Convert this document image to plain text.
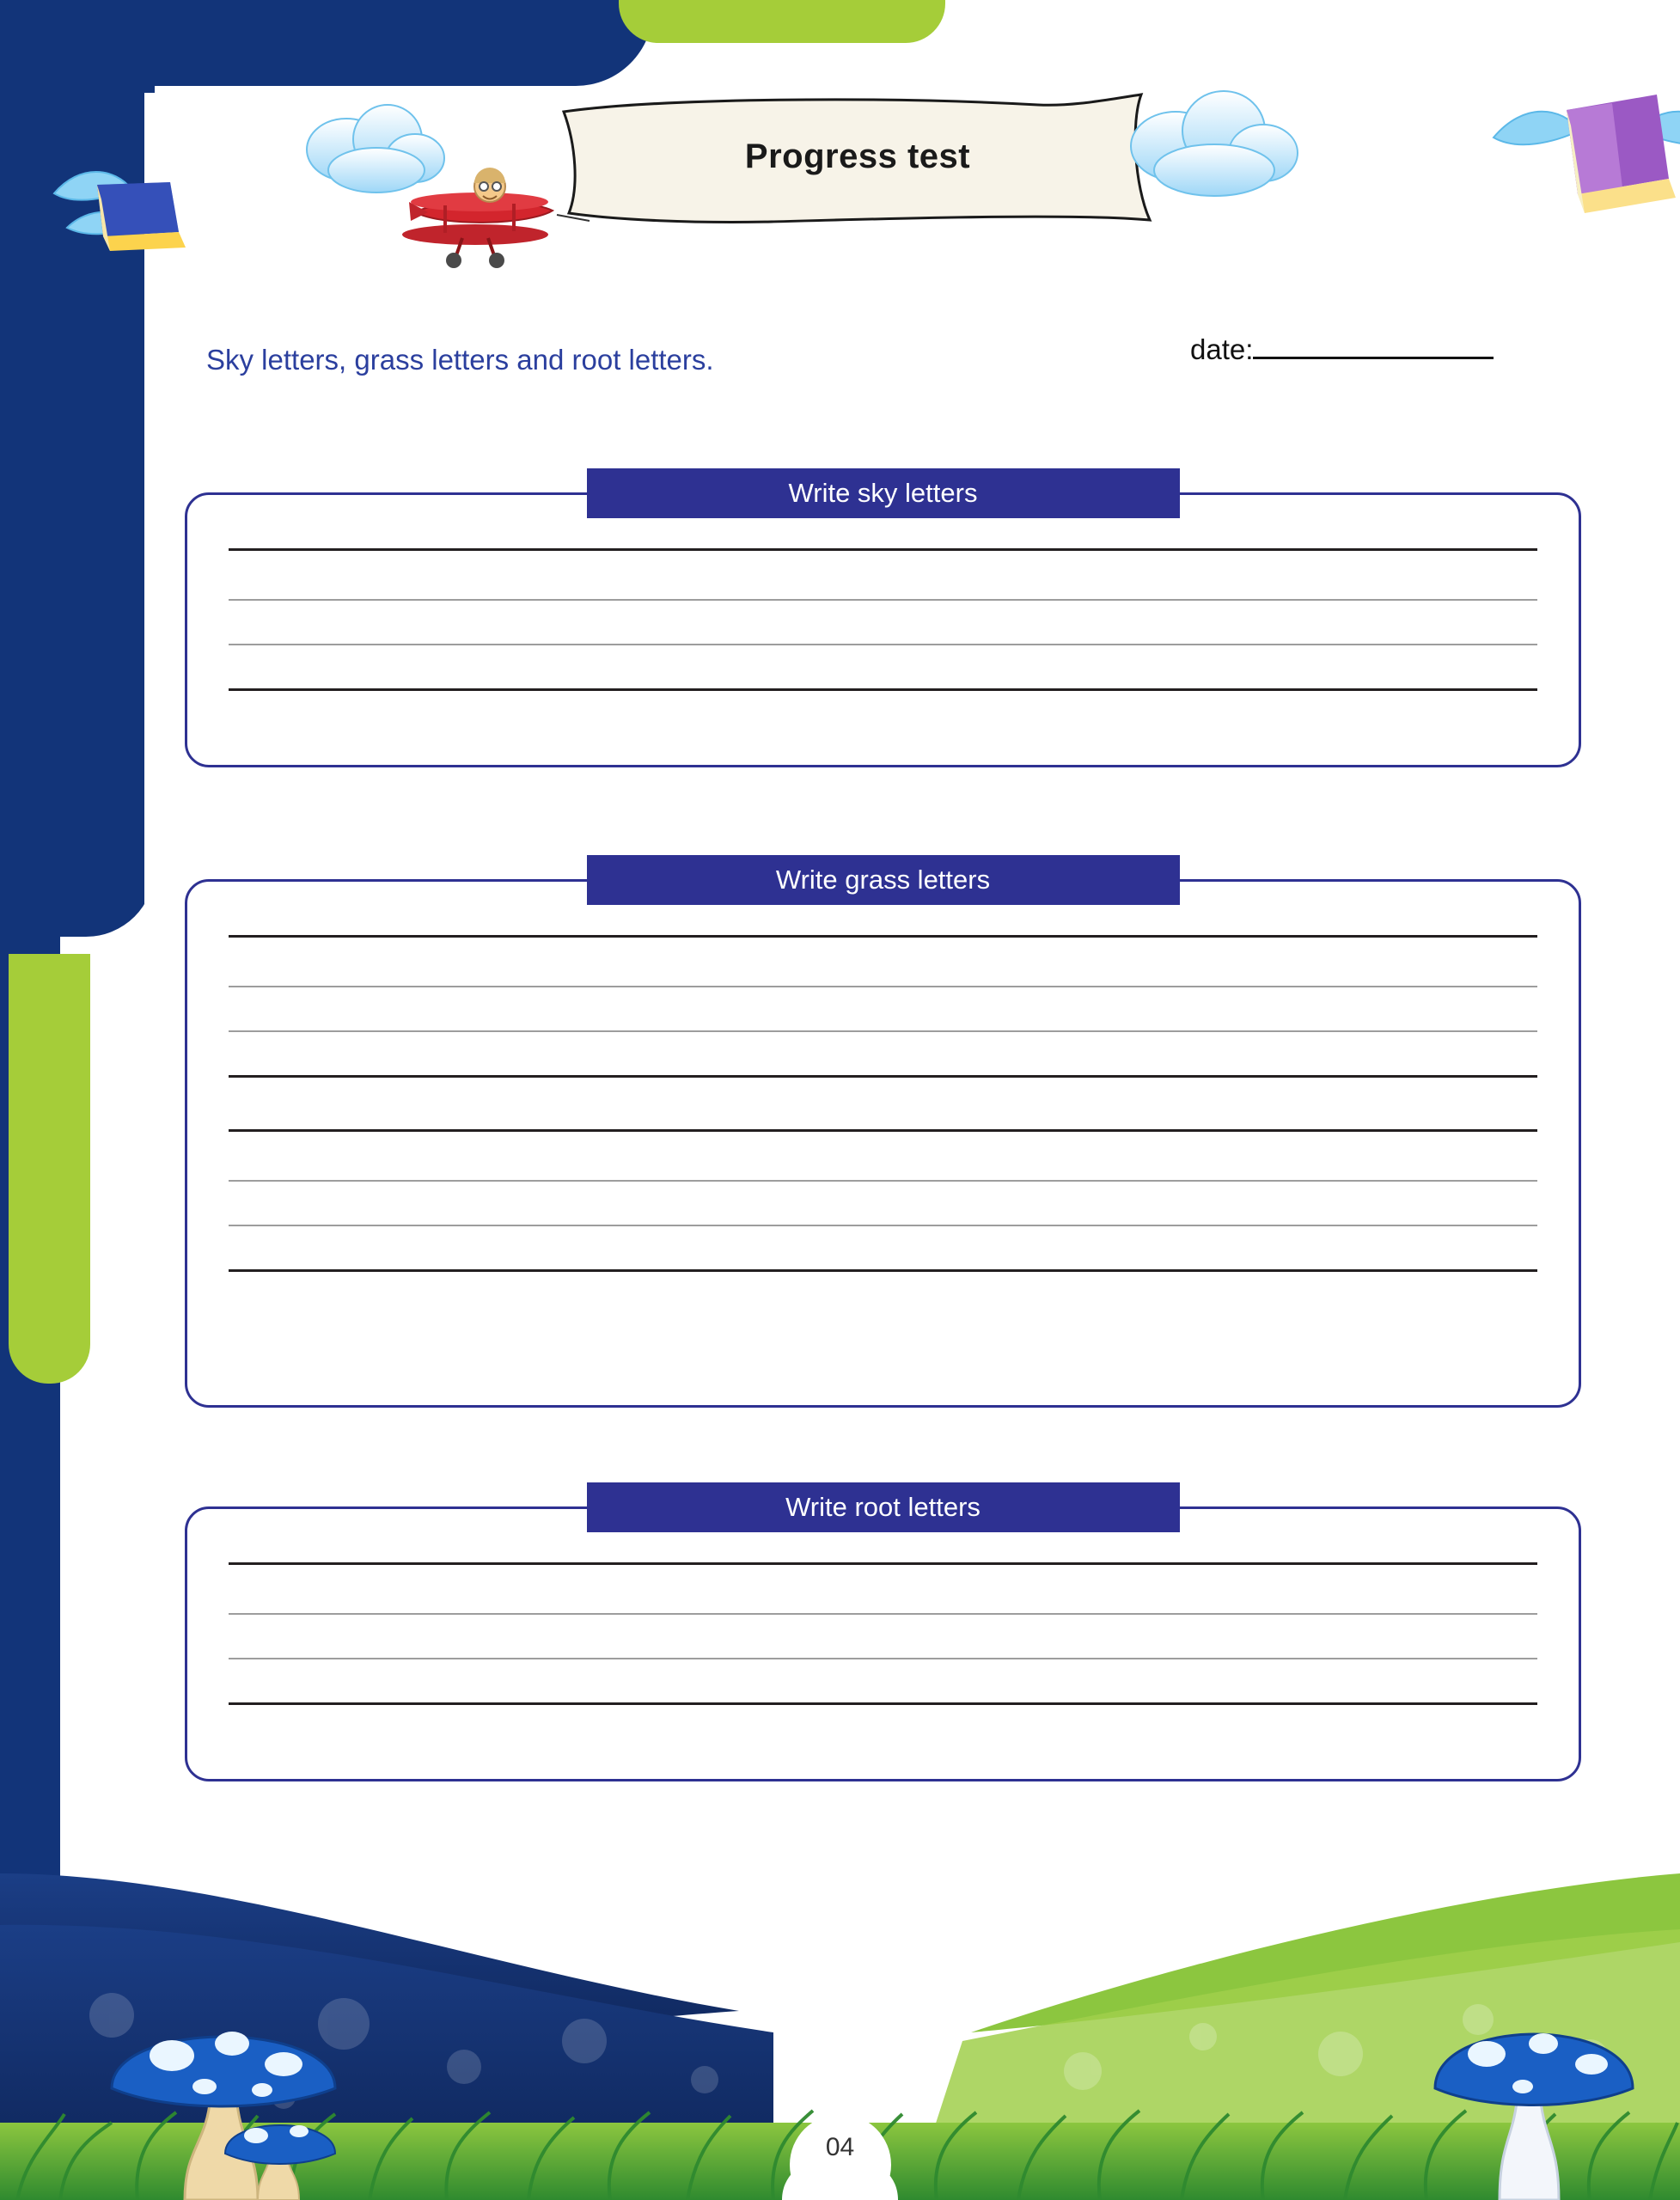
Progress test
Sky letters, grass letters and root letters.	date:
Write sky letters
Write grass letters
Write root letters
04
